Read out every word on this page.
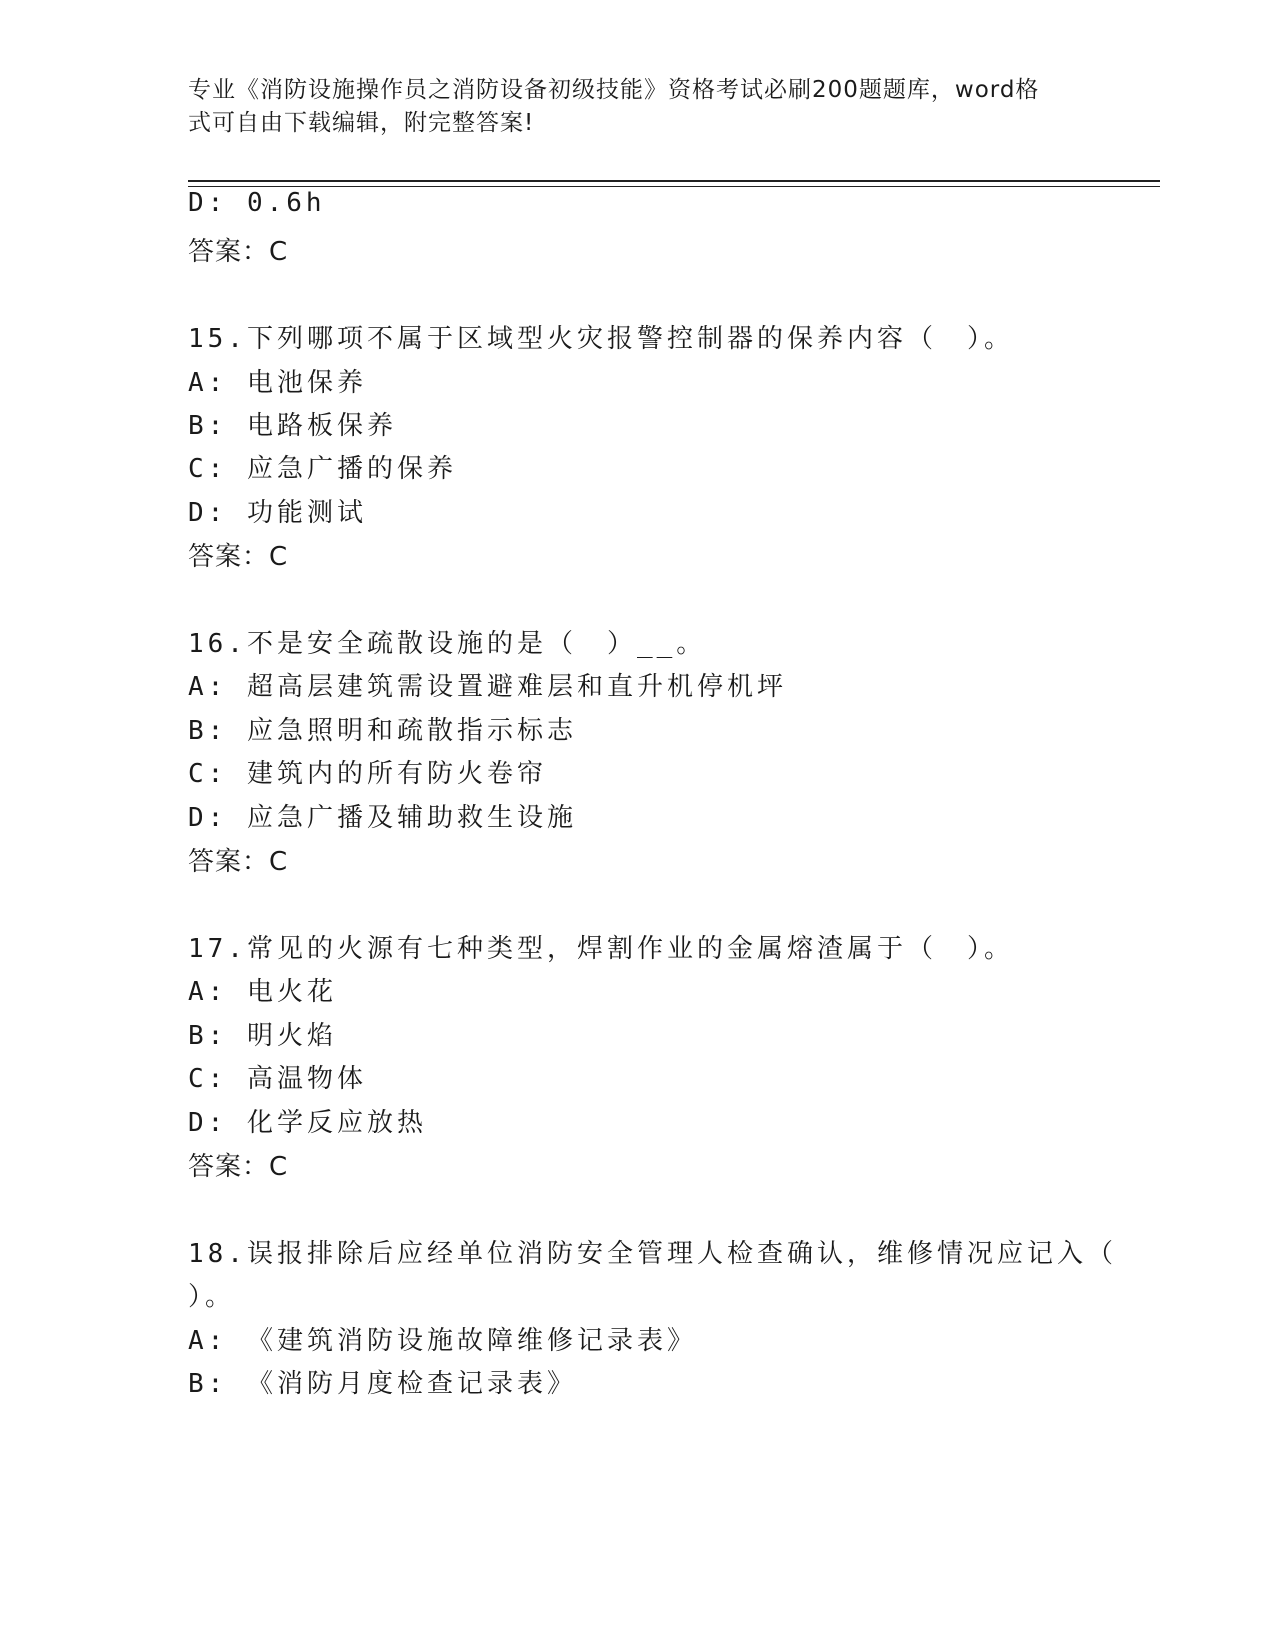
专业《消防设施操作员之消防设备初级技能》资格考试必刷200题题库，word格
式可自由下载编辑，附完整答案!
D: 0.6h
答案：C
15.下列哪项不属于区域型火灾报警控制器的保养内容（　）。
A: 电池保养
B: 电路板保养
C: 应急广播的保养
D: 功能测试
答案：C
16.不是安全疏散设施的是（　）__。
A: 超高层建筑需设置避难层和直升机停机坪
B: 应急照明和疏散指示标志
C: 建筑内的所有防火卷帘
D: 应急广播及辅助救生设施
答案：C
17.常见的火源有七种类型，焊割作业的金属熔渣属于（　）。
A: 电火花
B: 明火焰
C: 高温物体
D: 化学反应放热
答案：C
18.误报排除后应经单位消防安全管理人检查确认，维修情况应记入（
）。
A: 《建筑消防设施故障维修记录表》
B: 《消防月度检查记录表》
